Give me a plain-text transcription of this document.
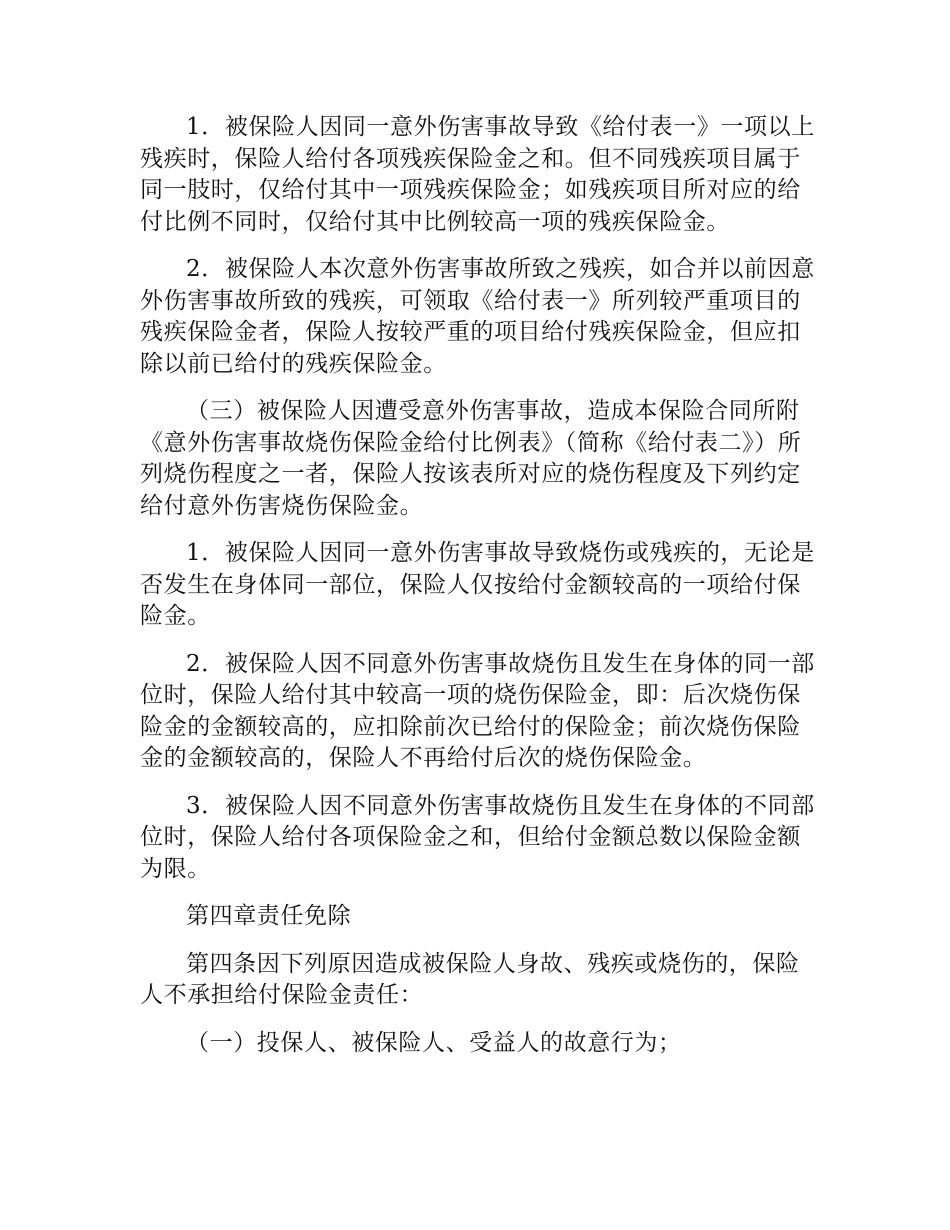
1．被保险人因同一意外伤害事故导致《给付表一》一项以上残疾时，保险人给付各项残疾保险金之和。但不同残疾项目属于同一肢时，仅给付其中一项残疾保险金；如残疾项目所对应的给付比例不同时，仅给付其中比例较高一项的残疾保险金。

2．被保险人本次意外伤害事故所致之残疾，如合并以前因意外伤害事故所致的残疾，可领取《给付表一》所列较严重项目的残疾保险金者，保险人按较严重的项目给付残疾保险金，但应扣除以前已给付的残疾保险金。

（三）被保险人因遭受意外伤害事故，造成本保险合同所附《意外伤害事故烧伤保险金给付比例表》（简称《给付表二》）所列烧伤程度之一者，保险人按该表所对应的烧伤程度及下列约定给付意外伤害烧伤保险金。

1．被保险人因同一意外伤害事故导致烧伤或残疾的，无论是否发生在身体同一部位，保险人仅按给付金额较高的一项给付保险金。

2．被保险人因不同意外伤害事故烧伤且发生在身体的同一部位时，保险人给付其中较高一项的烧伤保险金，即：后次烧伤保险金的金额较高的，应扣除前次已给付的保险金；前次烧伤保险金的金额较高的，保险人不再给付后次的烧伤保险金。

3．被保险人因不同意外伤害事故烧伤且发生在身体的不同部位时，保险人给付各项保险金之和，但给付金额总数以保险金额为限。

第四章责任免除

第四条因下列原因造成被保险人身故、残疾或烧伤的，保险人不承担给付保险金责任：

（一）投保人、被保险人、受益人的故意行为；
